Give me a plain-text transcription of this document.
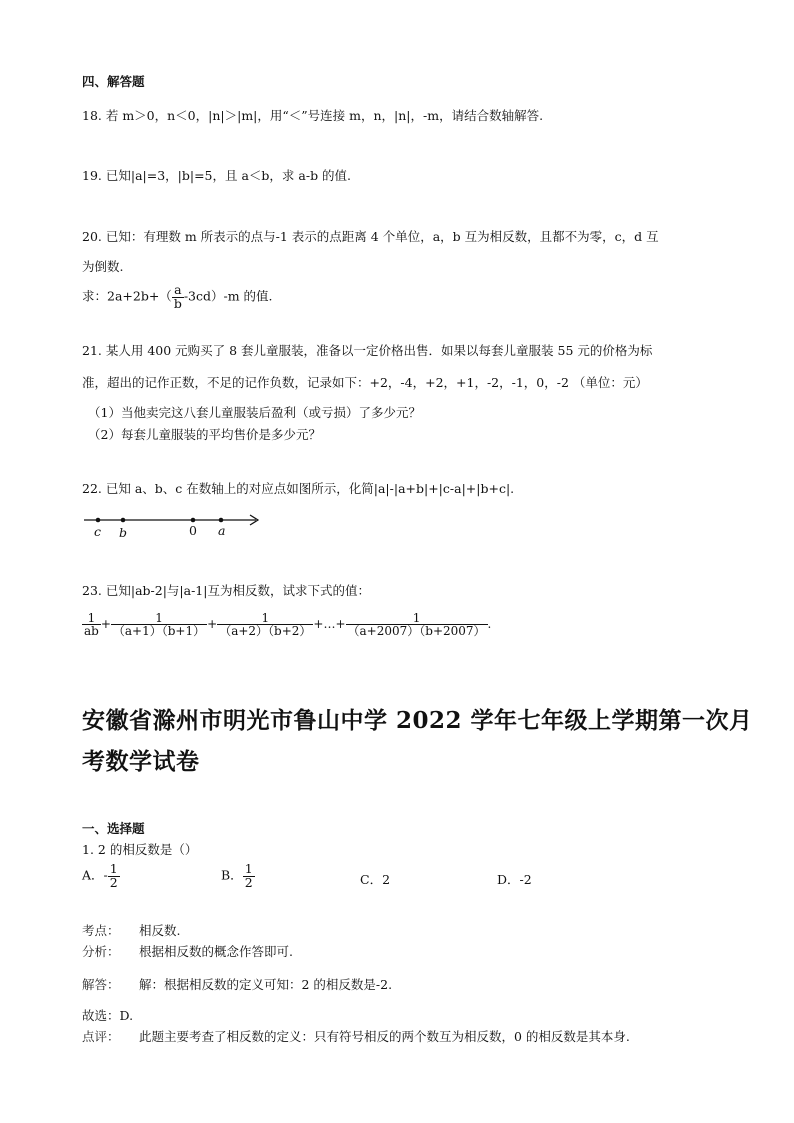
四、解答题
18. 若 m＞0，n＜0，|n|＞|m|，用“＜”号连接 m，n，|n|，-m，请结合数轴解答.
19. 已知|a|=3，|b|=5，且 a＜b，求 a-b 的值.
20. 已知：有理数 m 所表示的点与-1 表示的点距离 4 个单位，a，b 互为相反数，且都不为零，c，d 互
为倒数.
求：$2a+2b+( \frac{a}{b} -3cd)-m$ 的值.
21. 某人用 400 元购买了 8 套儿童服装，准备以一定价格出售．如果以每套儿童服装 55 元的价格为标
准，超出的记作正数，不足的记作负数，记录如下：+2，-4，+2，+1，-2，-1，0，-2 （单位：元）
（1）当他卖完这八套儿童服装后盈利（或亏损）了多少元？
（2）每套儿童服装的平均售价是多少元？
22. 已知 a、b、c 在数轴上的对应点如图所示，化简|a|-|a+b|+|c-a|+|b+c|.
c b	0 a
23. 已知|ab-2|与|a-1|互为相反数，试求下式的值：
$\frac{1}{ab} + \frac{1}{(a+1)(b+1)} + \frac{1}{(a+2)(b+2)}$ +…+ $\frac{1}{(a+2007)(b+2007)}$ .
安徽省滁州市明光市鲁山中学 2022 学年七年级上学期第一次月
考数学试卷
一、选择题
1. 2 的相反数是（）
A．- $\frac{1}{2}$	B． $\frac{1}{2}$	C．2	D．-2
考点： 相反数.
分析： 根据相反数的概念作答即可.
解答： 解：根据相反数的定义可知：2 的相反数是-2.
故选：D.
点评： 此题主要考查了相反数的定义：只有符号相反的两个数互为相反数，0 的相反数是其本身.
